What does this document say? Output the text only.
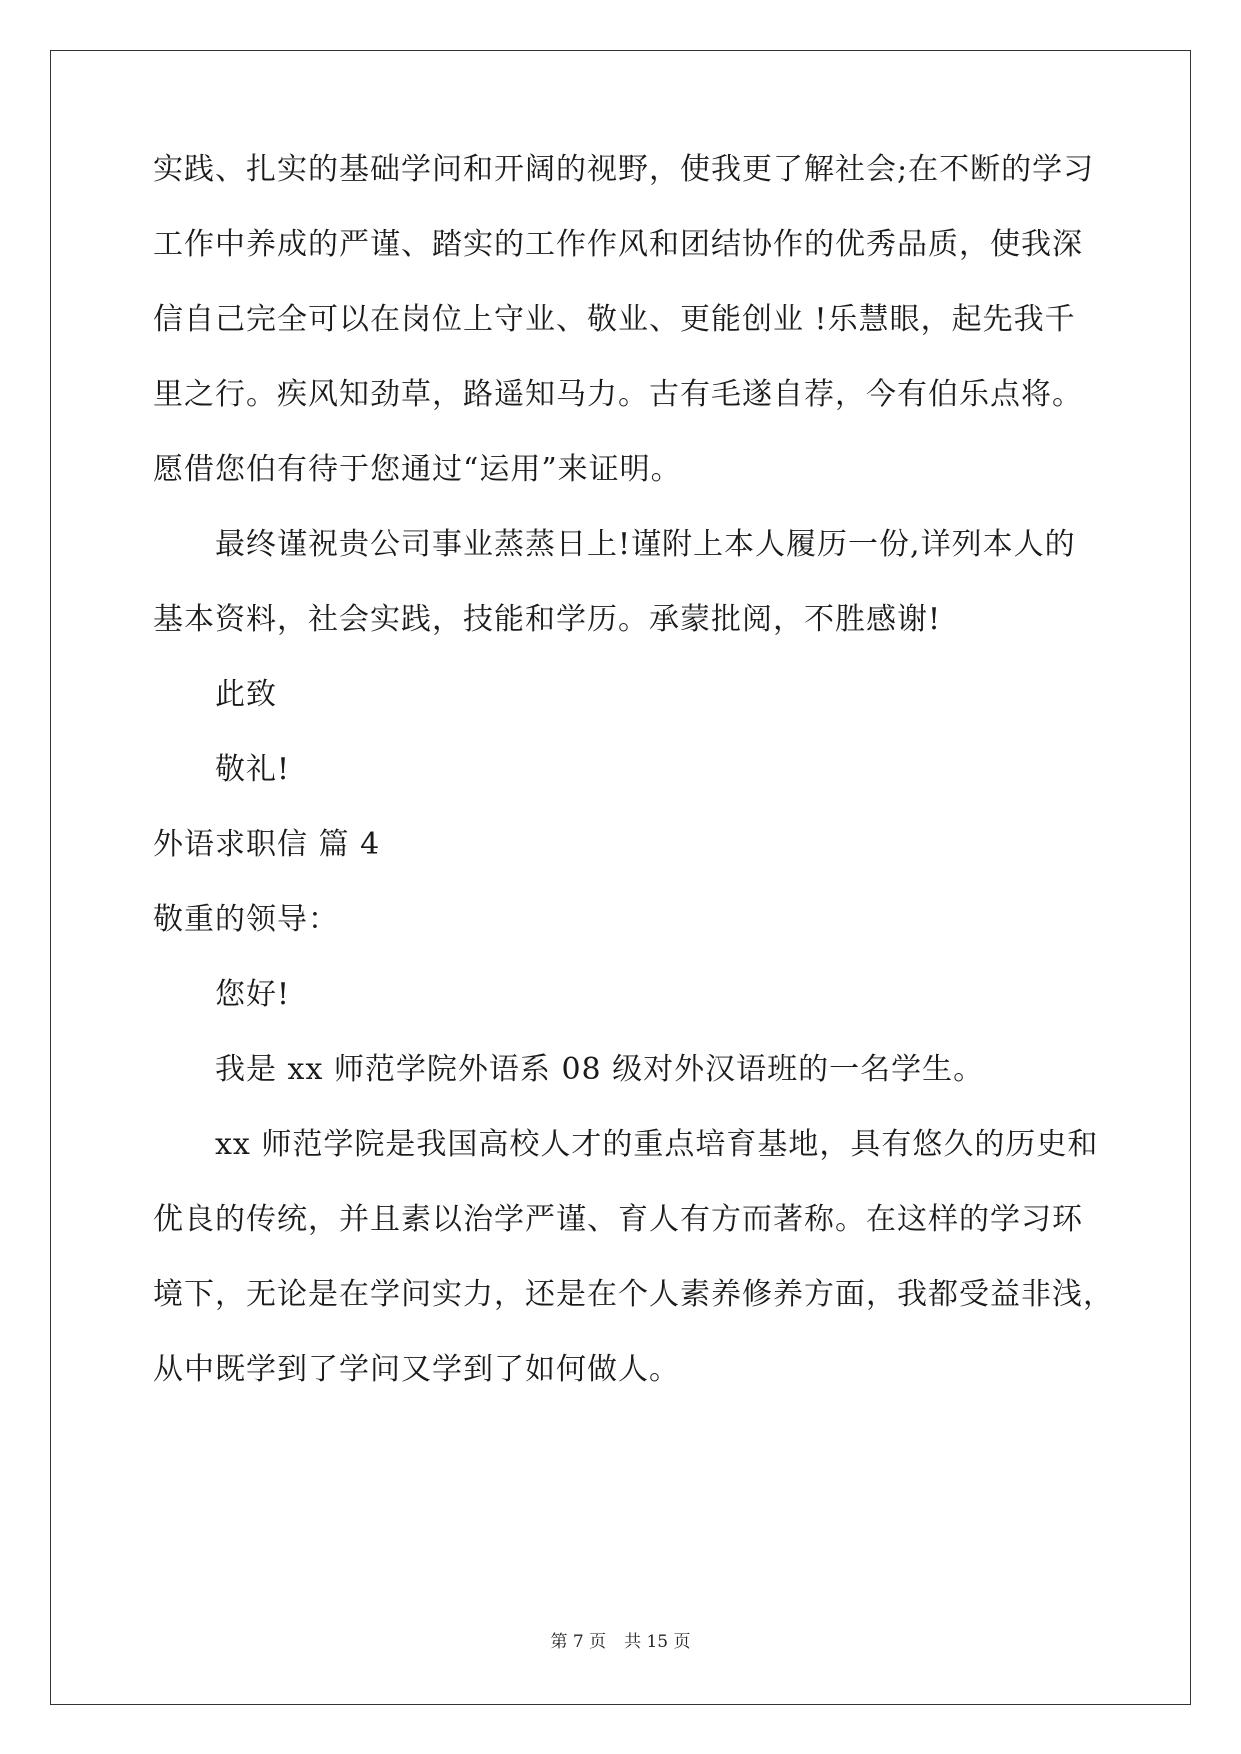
实践、扎实的基础学问和开阔的视野，使我更了解社会;在不断的学习
工作中养成的严谨、踏实的工作作风和团结协作的优秀品质，使我深
信自己完全可以在岗位上守业、敬业、更能创业 !乐慧眼，起先我千
里之行。疾风知劲草，路遥知马力。古有毛遂自荐，今有伯乐点将。
愿借您伯有待于您通过“运用”来证明。
最终谨祝贵公司事业蒸蒸日上!谨附上本人履历一份,详列本人的
基本资料，社会实践，技能和学历。承蒙批阅，不胜感谢!
此致
敬礼!
外语求职信 篇 4
敬重的领导：
您好!
我是 xx 师范学院外语系 08 级对外汉语班的一名学生。
xx 师范学院是我国高校人才的重点培育基地，具有悠久的历史和
优良的传统，并且素以治学严谨、育人有方而著称。在这样的学习环
境下，无论是在学问实力，还是在个人素养修养方面，我都受益非浅，
从中既学到了学问又学到了如何做人。
第 7 页 共 15 页
